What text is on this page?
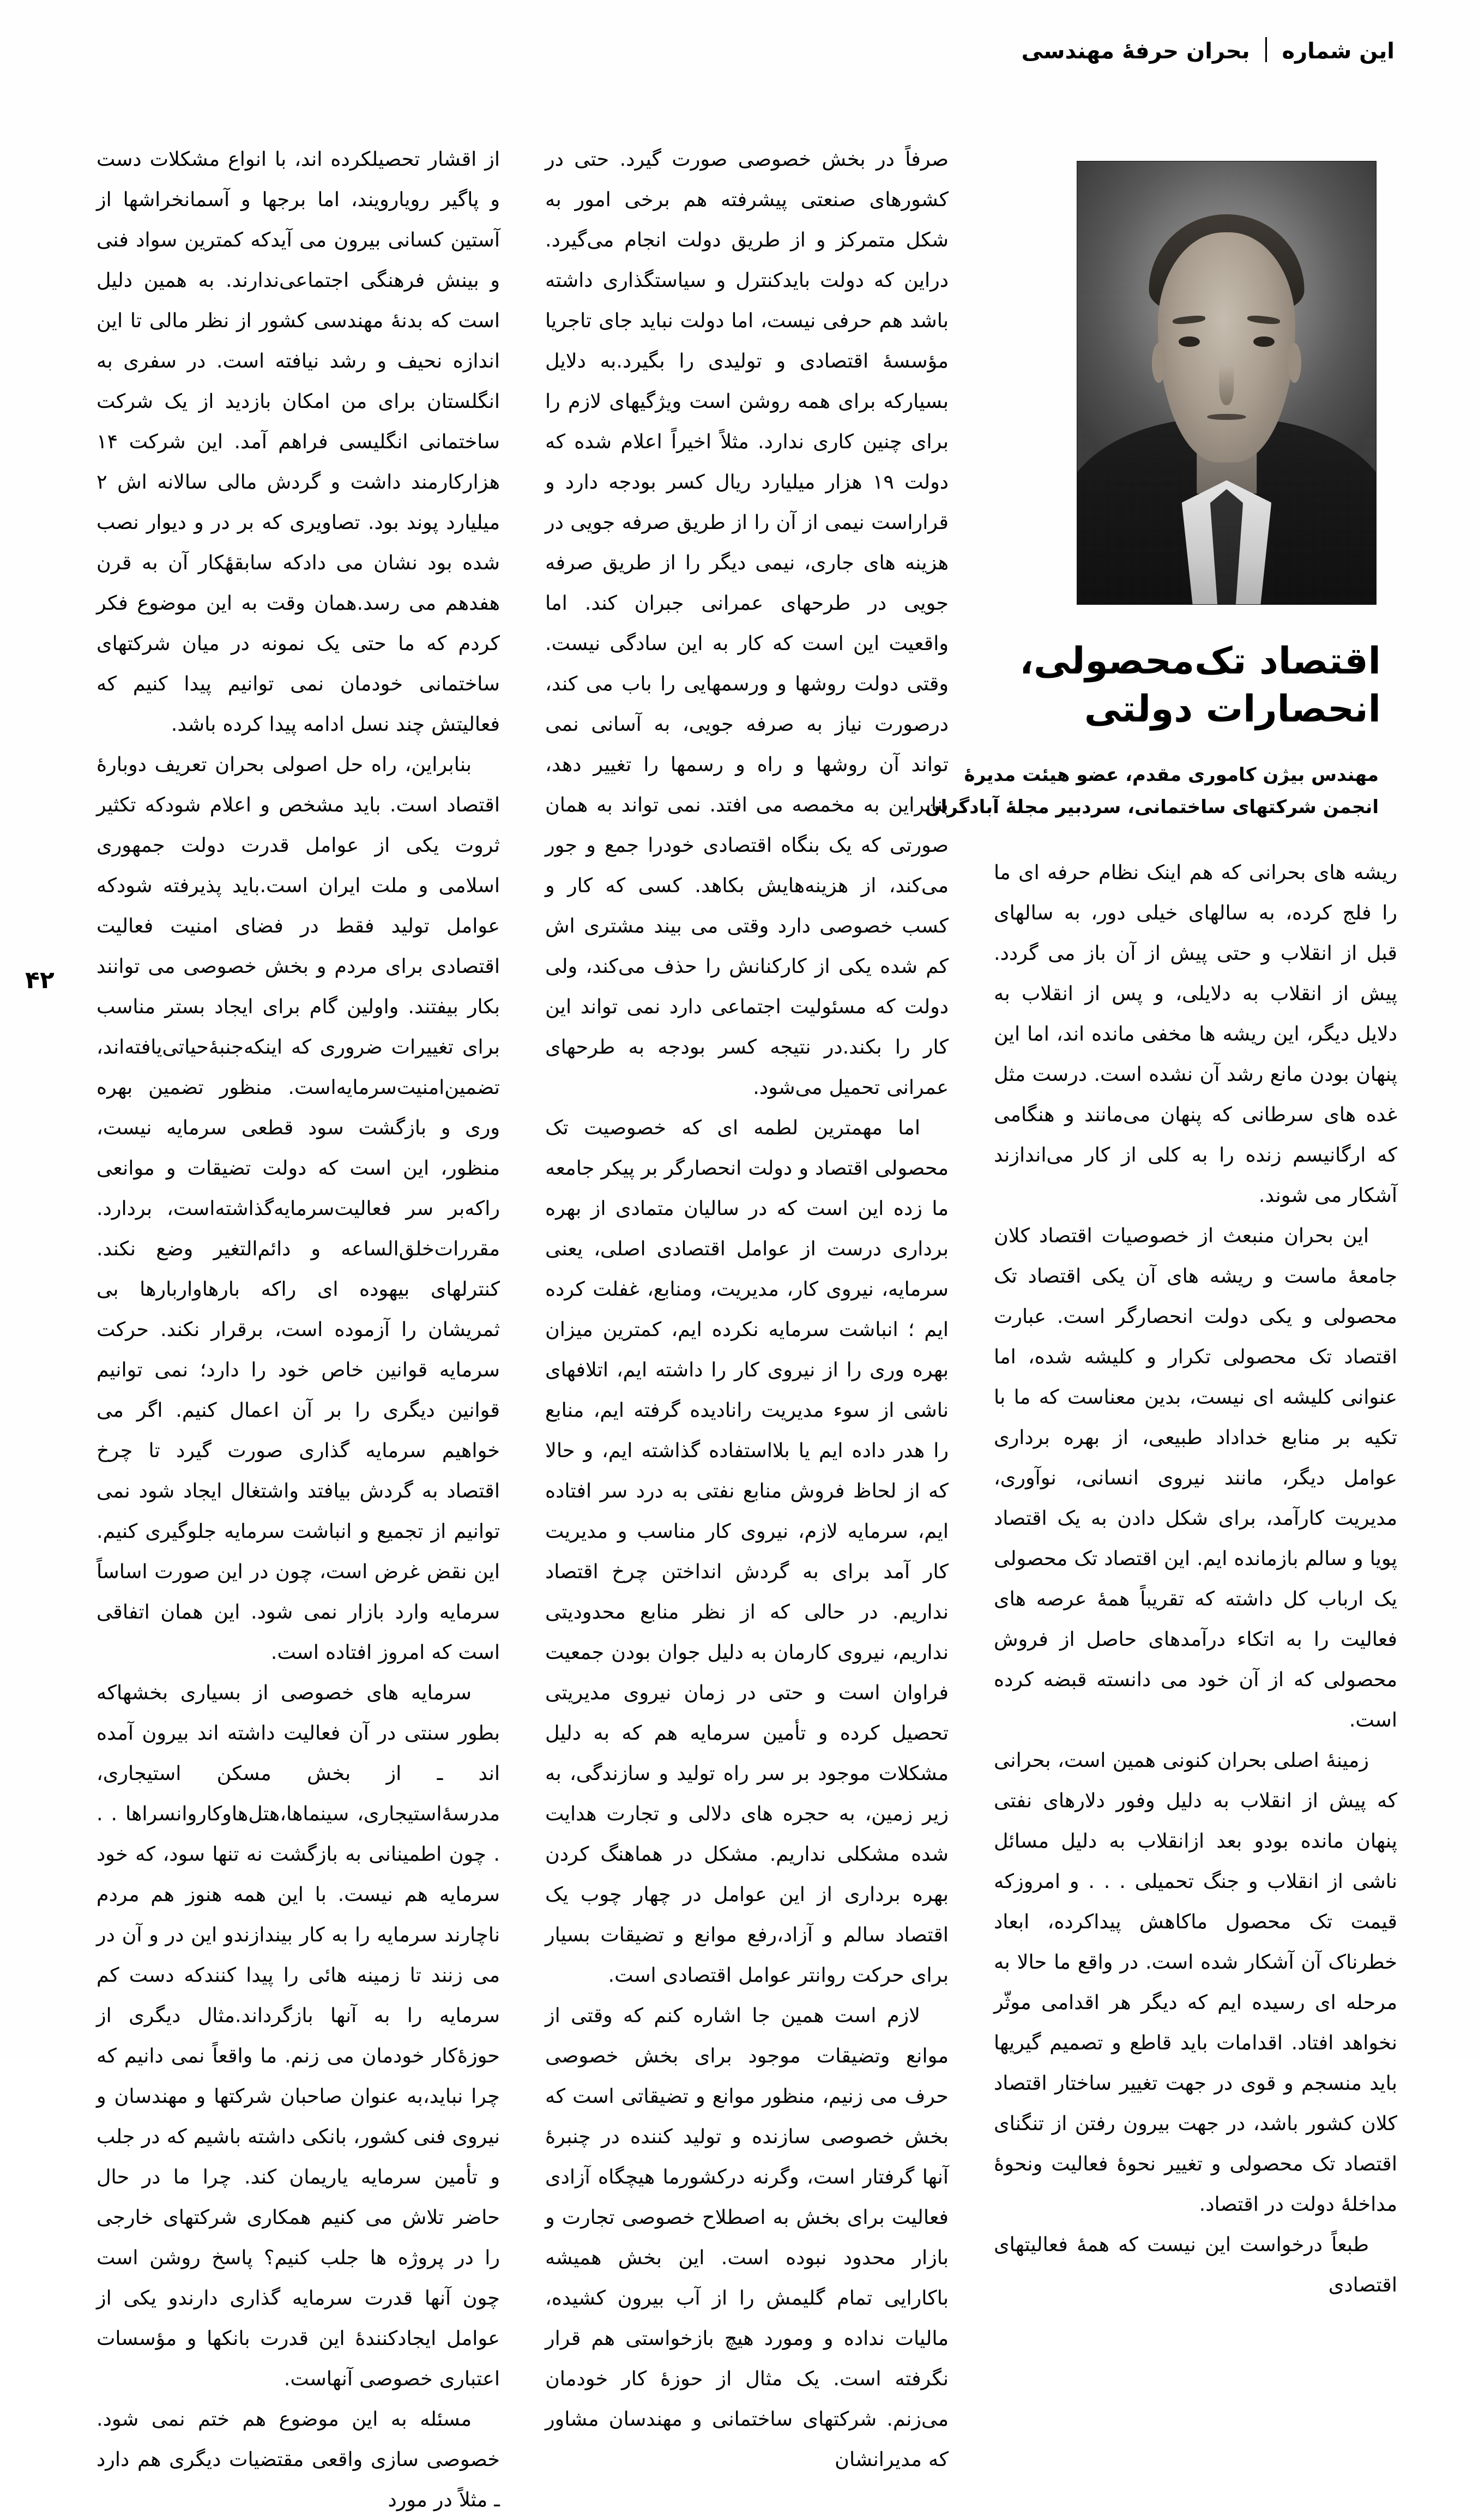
این شماره  بحران حرفهٔ مهندسی
۴۲
اقتصاد تک‌محصولی، انحصارات دولتی
مهندس بیژن کاموری مقدم، عضو هیئت مدیرهٔ
انجمن شرکتهای ساختمانی، سردبیر مجلهٔ آبادگران

ریشه های بحرانی که هم اینک نظام حرفه ای ما را فلج کرده، به سالهای خیلی دور، به سالهای قبل از انقلاب و حتی پیش از آن باز می گردد. پیش از انقلاب به دلایلی، و پس از انقلاب به دلایل دیگر، این ریشه ها مخفی مانده اند، اما این پنهان بودن مانع رشد آن نشده است. درست مثل غده های سرطانی که پنهان می‌مانند و هنگامی که ارگانیسم زنده را به کلی از کار می‌اندازند آشکار می شوند.

این بحران منبعث از خصوصیات اقتصاد کلان جامعهٔ ماست و ریشه های آن یکی اقتصاد تک محصولی و یکی دولت انحصارگر است. عبارت اقتصاد تک محصولی تکرار و کلیشه شده، اما عنوانی کلیشه ای نیست، بدین معناست که ما با تکیه بر منابع خداداد طبیعی، از بهره برداری عوامل دیگر، مانند نیروی انسانی، نوآوری، مدیریت کارآمد، برای شکل دادن به یک اقتصاد پویا و سالم بازمانده ایم. این اقتصاد تک محصولی یک ارباب کل داشته که تقریباً همهٔ عرصه های فعالیت را به اتکاء درآمدهای حاصل از فروش محصولی که از آن خود می دانسته قبضه کرده است.

زمینهٔ اصلی بحران کنونی همین است، بحرانی که پیش از انقلاب به دلیل وفور دلارهای نفتی پنهان مانده بودو بعد ازانقلاب به دلیل مسائل ناشی از انقلاب و جنگ تحمیلی . . . و امروزکه قیمت تک محصول ماکاهش پیداکرده، ابعاد خطرناک آن آشکار شده است. در واقع ما حالا به مرحله ای رسیده ایم که دیگر هر اقدامی موثّر نخواهد افتاد. اقدامات باید قاطع و تصمیم گیریها باید منسجم و قوی در جهت تغییر ساختار اقتصاد کلان کشور باشد، در جهت بیرون رفتن از تنگنای اقتصاد تک محصولی و تغییر نحوهٔ فعالیت ونحوهٔ مداخلهٔ دولت در اقتصاد.

طبعاً درخواست این نیست که همهٔ فعالیتهای اقتصادی

صرفاً در بخش خصوصی صورت گیرد. حتی در کشورهای صنعتی پیشرفته هم برخی امور به شکل متمرکز و از طریق دولت انجام می‌گیرد. دراین که دولت بایدکنترل و سیاستگذاری داشته باشد هم حرفی نیست، اما دولت نباید جای تاجریا مؤسسهٔ اقتصادی و تولیدی را بگیرد.به دلایل بسیارکه برای همه روشن است ویژگیهای لازم را برای چنین کاری ندارد. مثلاً اخیراً اعلام شده که دولت ۱۹ هزار میلیارد ریال کسر بودجه دارد و قراراست نیمی از آن را از طریق صرفه جویی در هزینه های جاری، نیمی دیگر را از طریق صرفه جویی در طرحهای عمرانی جبران کند. اما واقعیت این است که کار به این سادگی نیست. وقتی دولت روشها و ورسمهایی را باب می کند، درصورت نیاز به صرفه جویی، به آسانی نمی تواند آن روشها و راه و رسمها را تغییر دهد، بنابراین به مخمصه می افتد. نمی تواند به همان صورتی که یک بنگاه اقتصادی خودرا جمع و جور می‌کند، از هزینه‌هایش بکاهد. کسی که کار و کسب خصوصی دارد وقتی می بیند مشتری اش کم شده یکی از کارکنانش را حذف می‌کند، ولی دولت که مسئولیت اجتماعی دارد نمی تواند این کار را بکند.در نتیجه کسر بودجه به طرحهای عمرانی تحمیل می‌شود.

اما مهمترین لطمه ای که خصوصیت تک محصولی اقتصاد و دولت انحصارگر بر پیکر جامعه ما زده این است که در سالیان متمادی از بهره برداری درست از عوامل اقتصادی اصلی، یعنی سرمایه، نیروی کار، مدیریت، ومنابع، غفلت کرده ایم ؛ انباشت سرمایه نکرده ایم، کمترین میزان بهره وری را از نیروی کار را داشته ایم، اتلافهای ناشی از سوء مدیریت رانادیده گرفته ایم، منابع را هدر داده ایم یا بلااستفاده گذاشته ایم، و حالا که از لحاظ فروش منابع نفتی به درد سر افتاده ایم، سرمایه لازم، نیروی کار مناسب و مدیریت کار آمد برای به گردش انداختن چرخ اقتصاد نداریم. در حالی که از نظر منابع محدودیتی نداریم، نیروی کارمان به دلیل جوان بودن جمعیت فراوان است و حتی در زمان نیروی مدیریتی تحصیل کرده و تأمین سرمایه هم که به دلیل مشکلات موجود بر سر راه تولید و سازندگی، به زیر زمین، به حجره های دلالی و تجارت هدایت شده مشکلی نداریم. مشکل در هماهنگ کردن بهره برداری از این عوامل در چهار چوب یک اقتصاد سالم و آزاد،رفع موانع و تضیقات بسیار برای حرکت روانتر عوامل اقتصادی است.

لازم است همین جا اشاره کنم که وقتی از موانع وتضیقات موجود برای بخش خصوصی حرف می زنیم، منظور موانع و تضیقاتی است که بخش خصوصی سازنده و تولید کننده در چنبرهٔ آنها گرفتار است، وگرنه درکشورما هیچگاه آزادی فعالیت برای بخش به اصطلاح خصوصی تجارت و بازار محدود نبوده است. این بخش همیشه باکارایی تمام گلیمش را از آب بیرون کشیده، مالیات نداده و ومورد هیچ بازخواستی هم قرار نگرفته است. یک مثال از حوزهٔ کار خودمان می‌زنم. شرکتهای ساختمانی و مهندسان مشاور که مدیرانشان

از اقشار تحصیلکرده اند، با انواع مشکلات دست و پاگیر رویارویند، اما برجها و آسمانخراشها از آستین کسانی بیرون می آیدکه کمترین سواد فنی و بینش فرهنگی اجتماعی‌ندارند. به همین دلیل است که بدنهٔ مهندسی کشور از نظر مالی تا این اندازه نحیف و رشد نیافته است. در سفری به انگلستان برای من امکان بازدید از یک شرکت ساختمانی انگلیسی فراهم آمد. این شرکت ۱۴ هزارکارمند داشت و گردش مالی سالانه اش ۲ میلیارد پوند بود. تصاویری که بر در و دیوار نصب شده بود نشان می دادکه سابقهٔکار آن به قرن هفدهم می رسد.همان وقت به این موضوع فکر کردم که ما حتی یک نمونه در میان شرکتهای ساختمانی خودمان نمی توانیم پیدا کنیم که فعالیتش چند نسل ادامه پیدا کرده باشد.

بنابراین، راه حل اصولی بحران تعریف دوبارهٔ اقتصاد است. باید مشخص و اعلام شودکه تکثیر ثروت یکی از عوامل قدرت دولت جمهوری اسلامی و ملت ایران است.باید پذیرفته شودکه عوامل تولید فقط در فضای امنیت فعالیت اقتصادی برای مردم و بخش خصوصی می توانند بکار بیفتند. واولین گام برای ایجاد بستر مناسب برای تغییرات ضروری که اینکه‌جنبهٔ‌حیاتی‌یافته‌اند، تضمین‌امنیت‌سرمایه‌است. منظور تضمین بهره وری و بازگشت سود قطعی سرمایه نیست، منظور، این است که دولت تضیقات و موانعی راکه‌بر سر فعالیت‌سرمایه‌گذاشته‌است، بردارد. مقررات‌خلق‌الساعه و دائم‌التغیر وضع نکند. کنترلهای بیهوده ای راکه بارهاواربارها بی ثمریشان را آزموده است، برقرار نکند. حرکت سرمایه قوانین خاص خود را دارد؛ نمی توانیم قوانین دیگری را بر آن اعمال کنیم. اگر می خواهیم سرمایه گذاری صورت گیرد تا چرخ اقتصاد به گردش بیافتد واشتغال ایجاد شود نمی توانیم از تجمیع و انباشت سرمایه جلوگیری کنیم. این نقض غرض است، چون در این صورت اساساً سرمایه وارد بازار نمی شود. این همان اتفاقی است که امروز افتاده است.

سرمایه های خصوصی از بسیاری بخشهاکه بطور سنتی در آن فعالیت داشته اند بیرون آمده اند ـ از بخش مسکن استیجاری، مدرسهٔ‌استیجاری، سینماها،هتل‌هاوکاروانسراها . . . چون اطمینانی به بازگشت نه تنها سود، که خود سرمایه هم نیست. با این همه هنوز هم مردم ناچارند سرمایه را به کار بیندازندو این در و آن در می زنند تا زمینه هائی را پیدا کنندکه دست کم سرمایه را به آنها بازگرداند.مثال دیگری از حوزهٔ‌کار خودمان می زنم. ما واقعاً نمی دانیم که چرا نباید،به عنوان صاحبان شرکتها و مهندسان و نیروی فنی کشور، بانکی داشته باشیم که در جلب و تأمین سرمایه یاریمان کند. چرا ما در حال حاضر تلاش می کنیم همکاری شرکتهای خارجی را در پروژه ها جلب کنیم؟ پاسخ روشن است چون آنها قدرت سرمایه گذاری دارندو یکی از عوامل ایجادکنندهٔ این قدرت بانکها و مؤسسات اعتباری خصوصی آنهاست.

مسئله به این موضوع هم ختم نمی شود. خصوصی سازی واقعی مقتضیات دیگری هم دارد ـ مثلاً در مورد
